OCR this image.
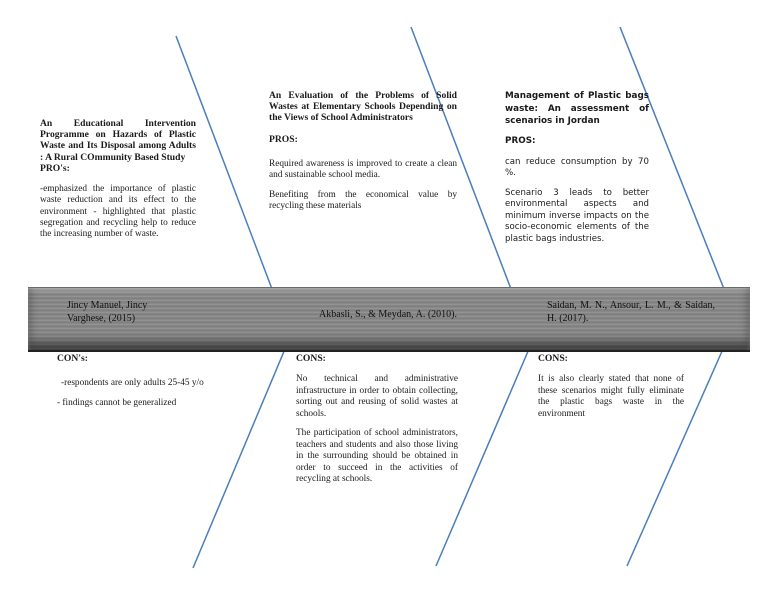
Jincy Manuel, Jincy Varghese, (2015)	Akbasli, S., & Meydan, A. (2010).
Saidan, M. N., Ansour, L. M., & Saidan, H. (2017).

An Educational Intervention Programme on Hazards of Plastic Waste and Its Disposal among Adults : A Rural COmmunity Based Study

PRO's:

-emphasized the importance of plastic waste reduction and its effect to the environment - highlighted that plastic segregation and recycling help to reduce the increasing number of waste.

CON's:

-respondents are only adults 25-45 y/o

- findings cannot be generalized

An Evaluation of the Problems of Solid Wastes at Elementary Schools Depending on the Views of School Administrators

PROS:

Required awareness is improved to create a clean and sustainable school media.

Benefiting from the economical value by recycling these materials

CONS:

No technical and administrative infrastructure in order to obtain collecting, sorting out and reusing of solid wastes at schools.

The participation of school administrators, teachers and students and also those living in the surrounding should be obtained in order to succeed in the activities of recycling at schools.

Management of Plastic bags waste: An assessment of scenarios in Jordan

PROS:

can reduce consumption by 70 %.

Scenario 3 leads to better environmental aspects and minimum inverse impacts on the socio-economic elements of the plastic bags industries.

CONS:

It is also clearly stated that none of these scenarios might fully eliminate the plastic bags waste in the environment
